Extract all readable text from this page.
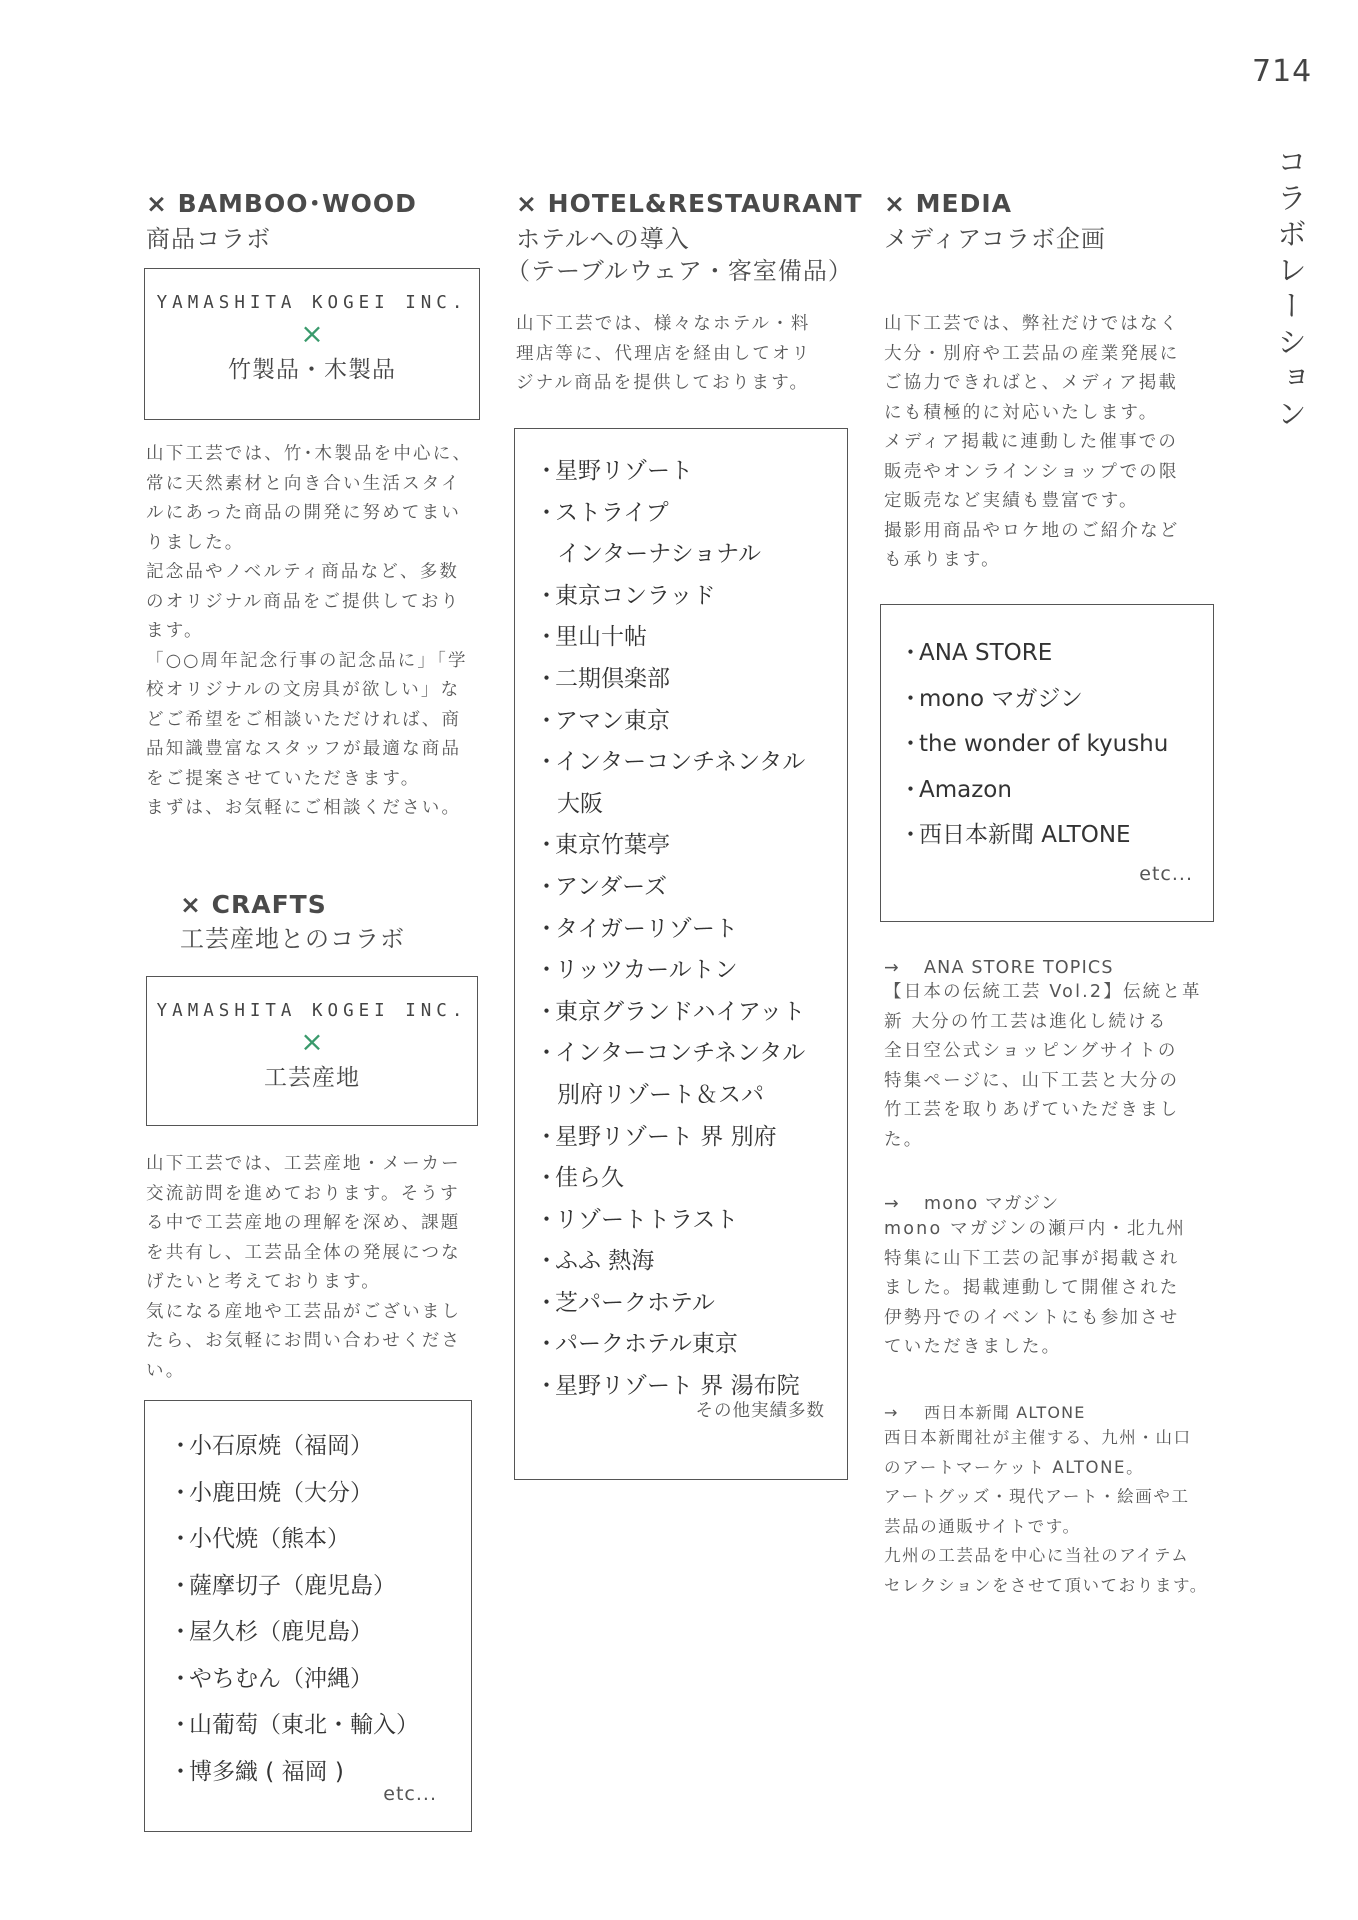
714
コラボレーション
× BAMBOO･WOOD
商品コラボ
YAMASHITA KOGEI INC.
×
竹製品・木製品

山下工芸では、竹･木製品を中心に、

常に天然素材と向き合い生活スタイ

ルにあった商品の開発に努めてまい

りました。

記念品やノベルティ商品など、多数

のオリジナル商品をご提供しており

ます。

「○○周年記念行事の記念品に」「学

校オリジナルの文房具が欲しい」な

どご希望をご相談いただければ、商

品知識豊富なスタッフが最適な商品

をご提案させていただきます。

まずは、お気軽にご相談ください。

× CRAFTS
工芸産地とのコラボ
YAMASHITA KOGEI INC.
×
工芸産地

山下工芸では、工芸産地・メーカー

交流訪問を進めております。そうす

る中で工芸産地の理解を深め、課題

を共有し、工芸品全体の発展につな

げたいと考えております。

気になる産地や工芸品がございまし

たら、お気軽にお問い合わせくださ

い。

・小石原焼（福岡）
・小鹿田焼（大分）
・小代焼（熊本）
・薩摩切子（鹿児島）
・屋久杉（鹿児島）
・やちむん（沖縄）
・山葡萄（東北・輸入）
・博多織 ( 福岡 )
etc...
× HOTEL&RESTAURANT
ホテルへの導入
（テーブルウェア・客室備品）

山下工芸では、様々なホテル・料

理店等に、代理店を経由してオリ

ジナル商品を提供しております。

・星野リゾート
・ストライプ
インターナショナル
・東京コンラッド
・里山十帖
・二期倶楽部
・アマン東京
・インターコンチネンタル
大阪
・東京竹葉亭
・アンダーズ
・タイガーリゾート
・リッツカールトン
・東京グランドハイアット
・インターコンチネンタル
別府リゾート＆スパ
・星野リゾート 界 別府
・佳ら久
・リゾートトラスト
・ふふ 熱海
・芝パークホテル
・パークホテル東京
・星野リゾート 界 湯布院
その他実績多数
× MEDIA
メディアコラボ企画

山下工芸では、弊社だけではなく

大分・別府や工芸品の産業発展に

ご協力できればと、メディア掲載

にも積極的に対応いたします。

メディア掲載に連動した催事での

販売やオンラインショップでの限

定販売など実績も豊富です。

撮影用商品やロケ地のご紹介など

も承ります。

・ANA STORE
・mono マガジン
・the wonder of kyushu
・Amazon
・西日本新聞 ALTONE
etc...
→ ANA STORE TOPICS

【日本の伝統工芸 Vol.2】伝統と革

新 大分の竹工芸は進化し続ける

全日空公式ショッピングサイトの

特集ページに、山下工芸と大分の

竹工芸を取りあげていただきまし

た。

→ mono マガジン

mono マガジンの瀬戸内・北九州

特集に山下工芸の記事が掲載され

ました。掲載連動して開催された

伊勢丹でのイベントにも参加させ

ていただきました。

→ 西日本新聞 ALTONE

西日本新聞社が主催する、九州・山口

のアートマーケット ALTONE。

アートグッズ・現代アート・絵画や工

芸品の通販サイトです。

九州の工芸品を中心に当社のアイテム

セレクションをさせて頂いております。
